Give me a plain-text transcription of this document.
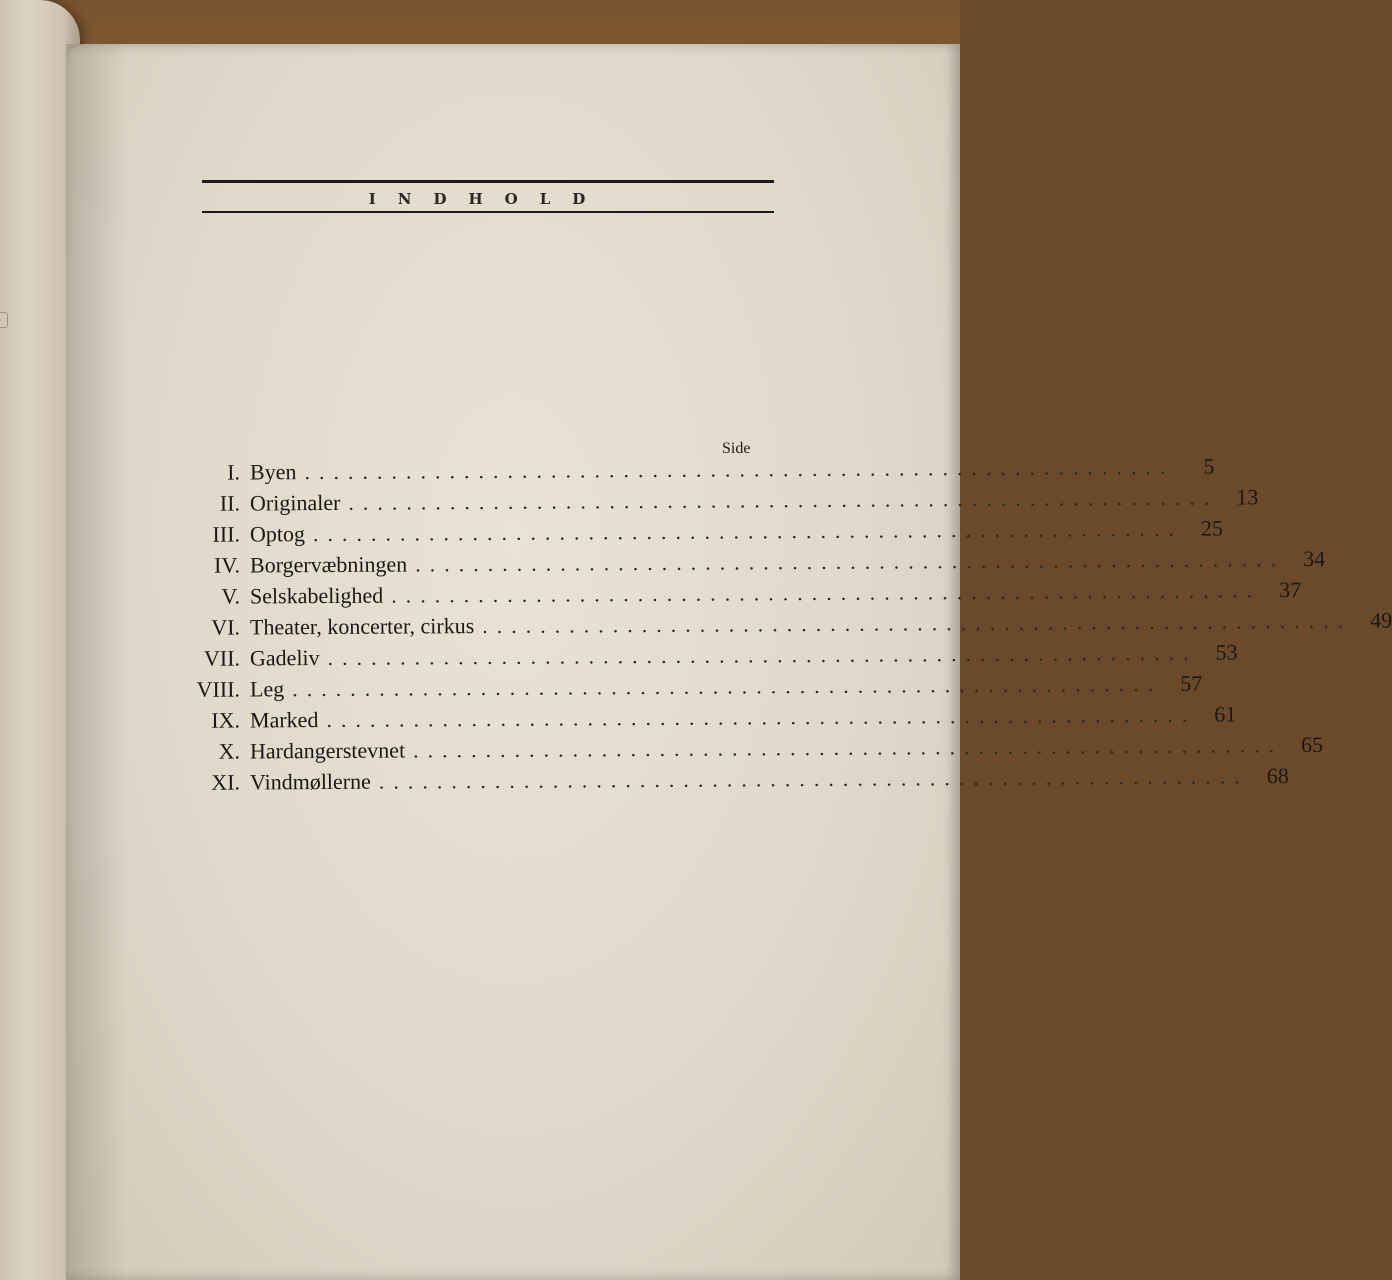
INDHOLD
Side
I. Byen ............................................................	5
II. Originaler ............................................................ 13
III. Optog ............................................................ 25
IV. Borgervæbningen ............................................................ 34
V. Selskabelighed ............................................................ 37
VI. Theater, koncerter, cirkus ............................................................ 49
VII. Gadeliv ............................................................ 53
VIII. Leg ............................................................ 57
IX. Marked ............................................................ 61
X. Hardangerstevnet ............................................................ 65
XI. Vindmøllerne ............................................................ 68
